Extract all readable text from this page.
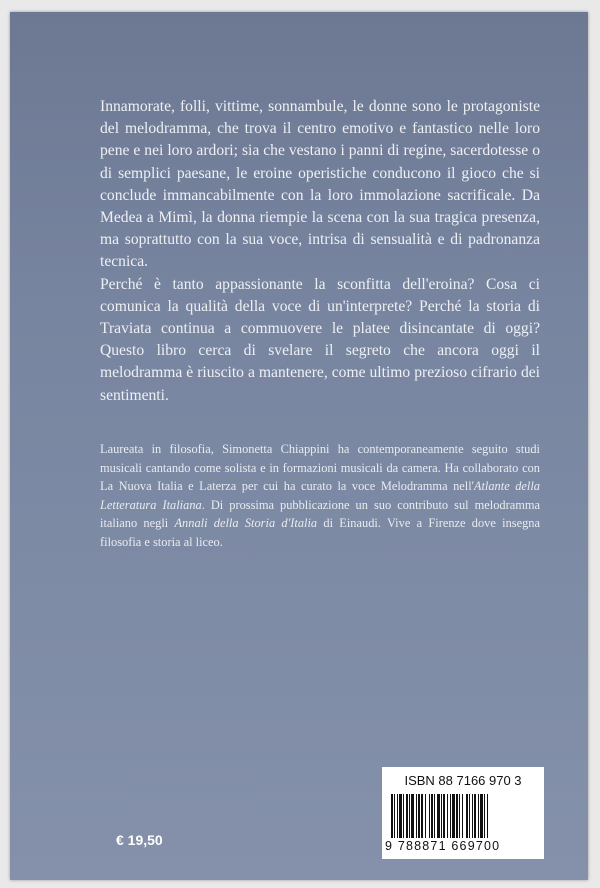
Innamorate, folli, vittime, sonnambule, le donne sono le protagoniste del melodramma, che trova il centro emotivo e fantastico nelle loro pene e nei loro ardori; sia che vestano i panni di regine, sacerdotesse o di semplici paesane, le eroine operistiche conducono il gioco che si conclude immancabilmente con la loro immolazione sacrificale. Da Medea a Mimì, la donna riempie la scena con la sua tragica presenza, ma soprattutto con la sua voce, intrisa di sensualità e di padronanza tecnica.

Perché è tanto appassionante la sconfitta dell'eroina? Cosa ci comunica la qualità della voce di un'interprete? Perché la storia di Traviata continua a commuovere le platee disincantate di oggi? Questo libro cerca di svelare il segreto che ancora oggi il melodramma è riuscito a mantenere, come ultimo prezioso cifrario dei sentimenti.

Laureata in filosofia, Simonetta Chiappini ha contemporaneamente seguito studi musicali cantando come solista e in formazioni musicali da camera. Ha collaborato con La Nuova Italia e Laterza per cui ha curato la voce Melodramma nell'Atlante della Letteratura Italiana. Di prossima pubblicazione un suo contributo sul melodramma italiano negli Annali della Storia d'Italia di Einaudi. Vive a Firenze dove insegna filosofia e storia al liceo.

€ 19,50
ISBN 88 7166 970 3
9 788871 669700
